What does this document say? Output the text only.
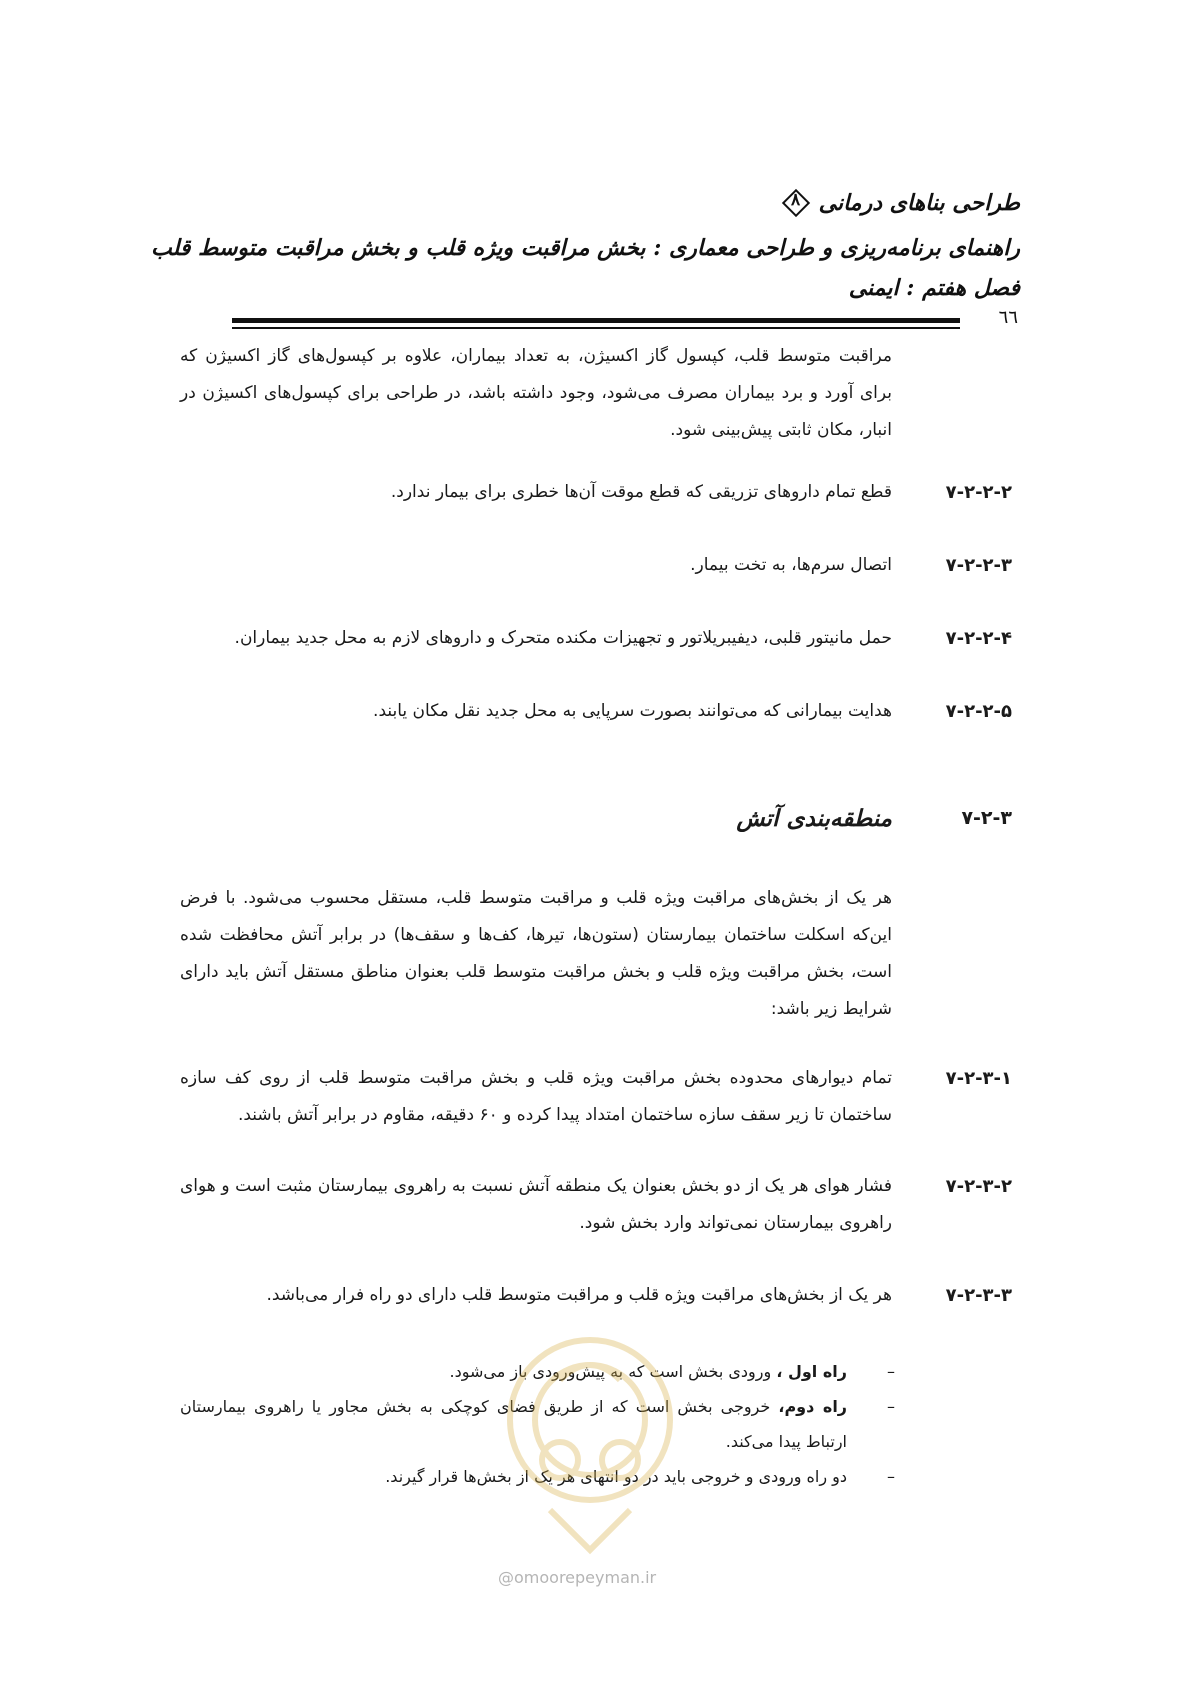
طراحی بناهای درمانی
۸
راهنمای برنامه‌ریزی و طراحی معماری : بخش مراقبت ویژه قلب و بخش مراقبت متوسط قلب
فصل هفتم : ایمنی
٦٦
مراقبت متوسط قلب، کپسول گاز اکسیژن، به تعداد بیماران، علاوه بر کپسول‌های گاز اکسیژن که برای آورد و برد بیماران مصرف می‌شود، وجود داشته باشد، در طراحی برای کپسول‌های اکسیژن در انبار، مکان ثابتی پیش‌بینی شود.
۷-۲-۲-۲
قطع تمام داروهای تزریقی که قطع موقت آن‌ها خطری برای بیمار ندارد.
۷-۲-۲-۳
اتصال سرم‌ها، به تخت بیمار.
۷-۲-۲-۴
حمل مانیتور قلبی، دیفیبریلاتور و تجهیزات مکنده متحرک و داروهای لازم به محل جدید بیماران.
۷-۲-۲-۵
هدایت بیمارانی که می‌توانند بصورت سرپایی به محل جدید نقل مکان یابند.
۷-۲-۳
منطقه‌بندی آتش
هر یک از بخش‌های مراقبت ویژه قلب و مراقبت متوسط قلب، مستقل محسوب می‌شود. با فرض این‌که اسکلت ساختمان بیمارستان (ستون‌ها، تیرها، کف‌ها و سقف‌ها) در برابر آتش محافظت شده است، بخش مراقبت ویژه قلب و بخش مراقبت متوسط قلب بعنوان مناطق مستقل آتش باید دارای شرایط زیر باشد:
۷-۲-۳-۱
تمام دیوارهای محدوده بخش مراقبت ویژه قلب و بخش مراقبت متوسط قلب از روی کف سازه ساختمان تا زیر سقف سازه ساختمان امتداد پیدا کرده و ۶۰ دقیقه، مقاوم در برابر آتش باشند.
۷-۲-۳-۲
فشار هوای هر یک از دو بخش بعنوان یک منطقه آتش نسبت به راهروی بیمارستان مثبت است و هوای راهروی بیمارستان نمی‌تواند وارد بخش شود.
۷-۲-۳-۳
هر یک از بخش‌های مراقبت ویژه قلب و مراقبت متوسط قلب دارای دو راه فرار می‌باشد.
–
راه اول ، ورودی بخش است که به پیش‌ورودی باز می‌شود.
–
راه دوم، خروجی بخش است که از طریق فضای کوچکی به بخش مجاور یا راهروی بیمارستان ارتباط پیدا می‌کند.
–
دو راه ورودی و خروجی باید در دو انتهای هر یک از بخش‌ها قرار گیرند.
@omoorepeyman.ir
